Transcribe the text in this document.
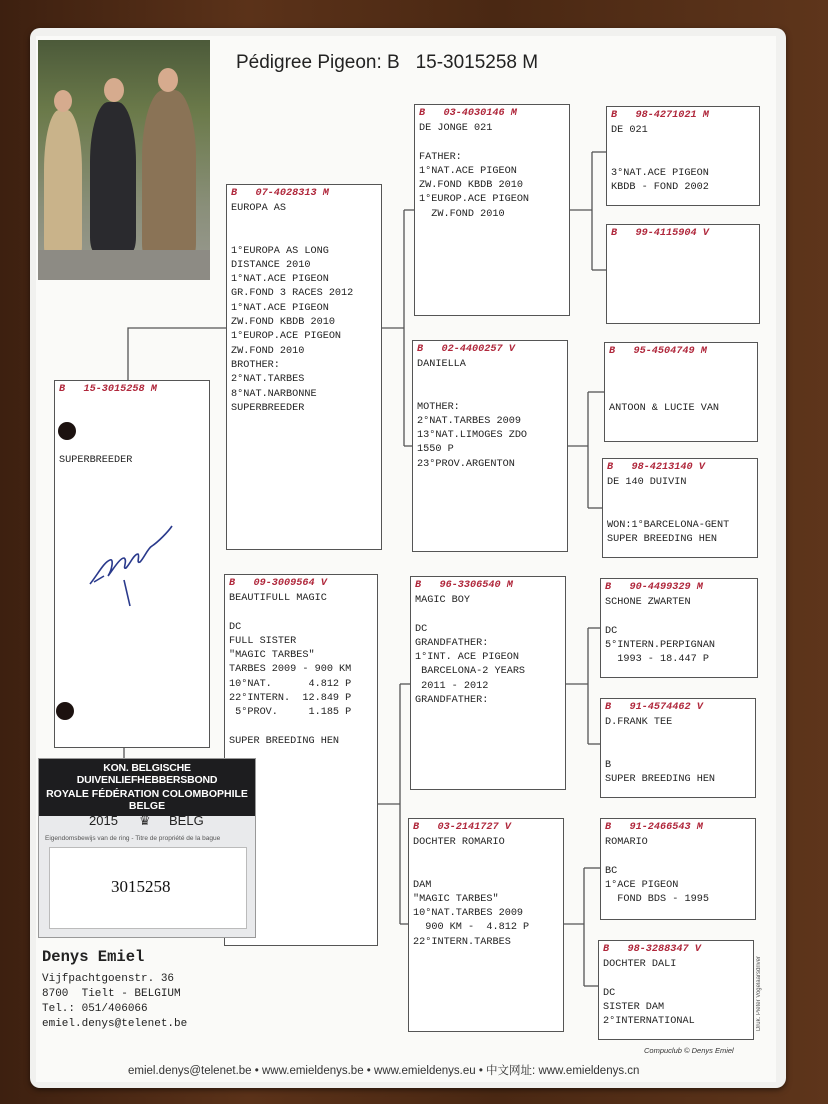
Pédigree Pigeon: B   15-3015258 M
B   15-3015258 M
SUPERBREEDER
B   07-4028313 M
EUROPA AS
1°EUROPA AS LONG
DISTANCE 2010
1°NAT.ACE PIGEON
GR.FOND 3 RACES 2012
1°NAT.ACE PIGEON
ZW.FOND KBDB 2010
1°EUROP.ACE PIGEON
ZW.FOND 2010
BROTHER:
2°NAT.TARBES
8°NAT.NARBONNE
SUPERBREEDER
B   09-3009564 V
BEAUTIFULL MAGIC
DC
FULL SISTER
"MAGIC TARBES"
TARBES 2009 - 900 KM
10°NAT.      4.812 P
22°INTERN.  12.849 P
5°PROV.     1.185 P
SUPER BREEDING HEN
B   03-4030146 M
DE JONGE 021
FATHER:
1°NAT.ACE PIGEON
ZW.FOND KBDB 2010
1°EUROP.ACE PIGEON
ZW.FOND 2010
B   02-4400257 V
DANIELLA
MOTHER:
2°NAT.TARBES 2009
13°NAT.LIMOGES ZDO
1550 P
23°PROV.ARGENTON
B   96-3306540 M
MAGIC BOY
DC
GRANDFATHER:
1°INT. ACE PIGEON
BARCELONA-2 YEARS
2011 - 2012
GRANDFATHER:
B   03-2141727 V
DOCHTER ROMARIO
DAM
"MAGIC TARBES"
10°NAT.TARBES 2009
900 KM -  4.812 P
22°INTERN.TARBES
B   98-4271021 M
DE 021
3°NAT.ACE PIGEON
KBDB - FOND 2002
B   99-4115904 V
B   95-4504749 M
ANTOON & LUCIE VAN
B   98-4213140 V
DE 140 DUIVIN
WON:1°BARCELONA-GENT
SUPER BREEDING HEN
B   90-4499329 M
SCHONE ZWARTEN
DC
5°INTERN.PERPIGNAN
1993 - 18.447 P
B   91-4574462 V
D.FRANK TEE
B
SUPER BREEDING HEN
B   91-2466543 M
ROMARIO
BC
1°ACE PIGEON
FOND BDS - 1995
B   98-3288347 V
DOCHTER DALI
DC
SISTER DAM
2°INTERNATIONAL
KON. BELGISCHE DUIVENLIEFHEBBERSBOND
ROYALE FÉDÉRATION COLOMBOPHILE BELGE
2015 ♛ BELG
Eigendomsbewijs van de ring - Titre de propriété de la bague
3015258
Denys Emiel
Vijfpachtgoenstr. 36
8700  Tielt - BELGIUM
Tel.: 051/406066
emiel.denys@telenet.be
Compuclub © Denys Emiel
Druk. Pieter Vogelaarsdriver
emiel.denys@telenet.be • www.emieldenys.be • www.emieldenys.eu • 中文网址: www.emieldenys.cn
